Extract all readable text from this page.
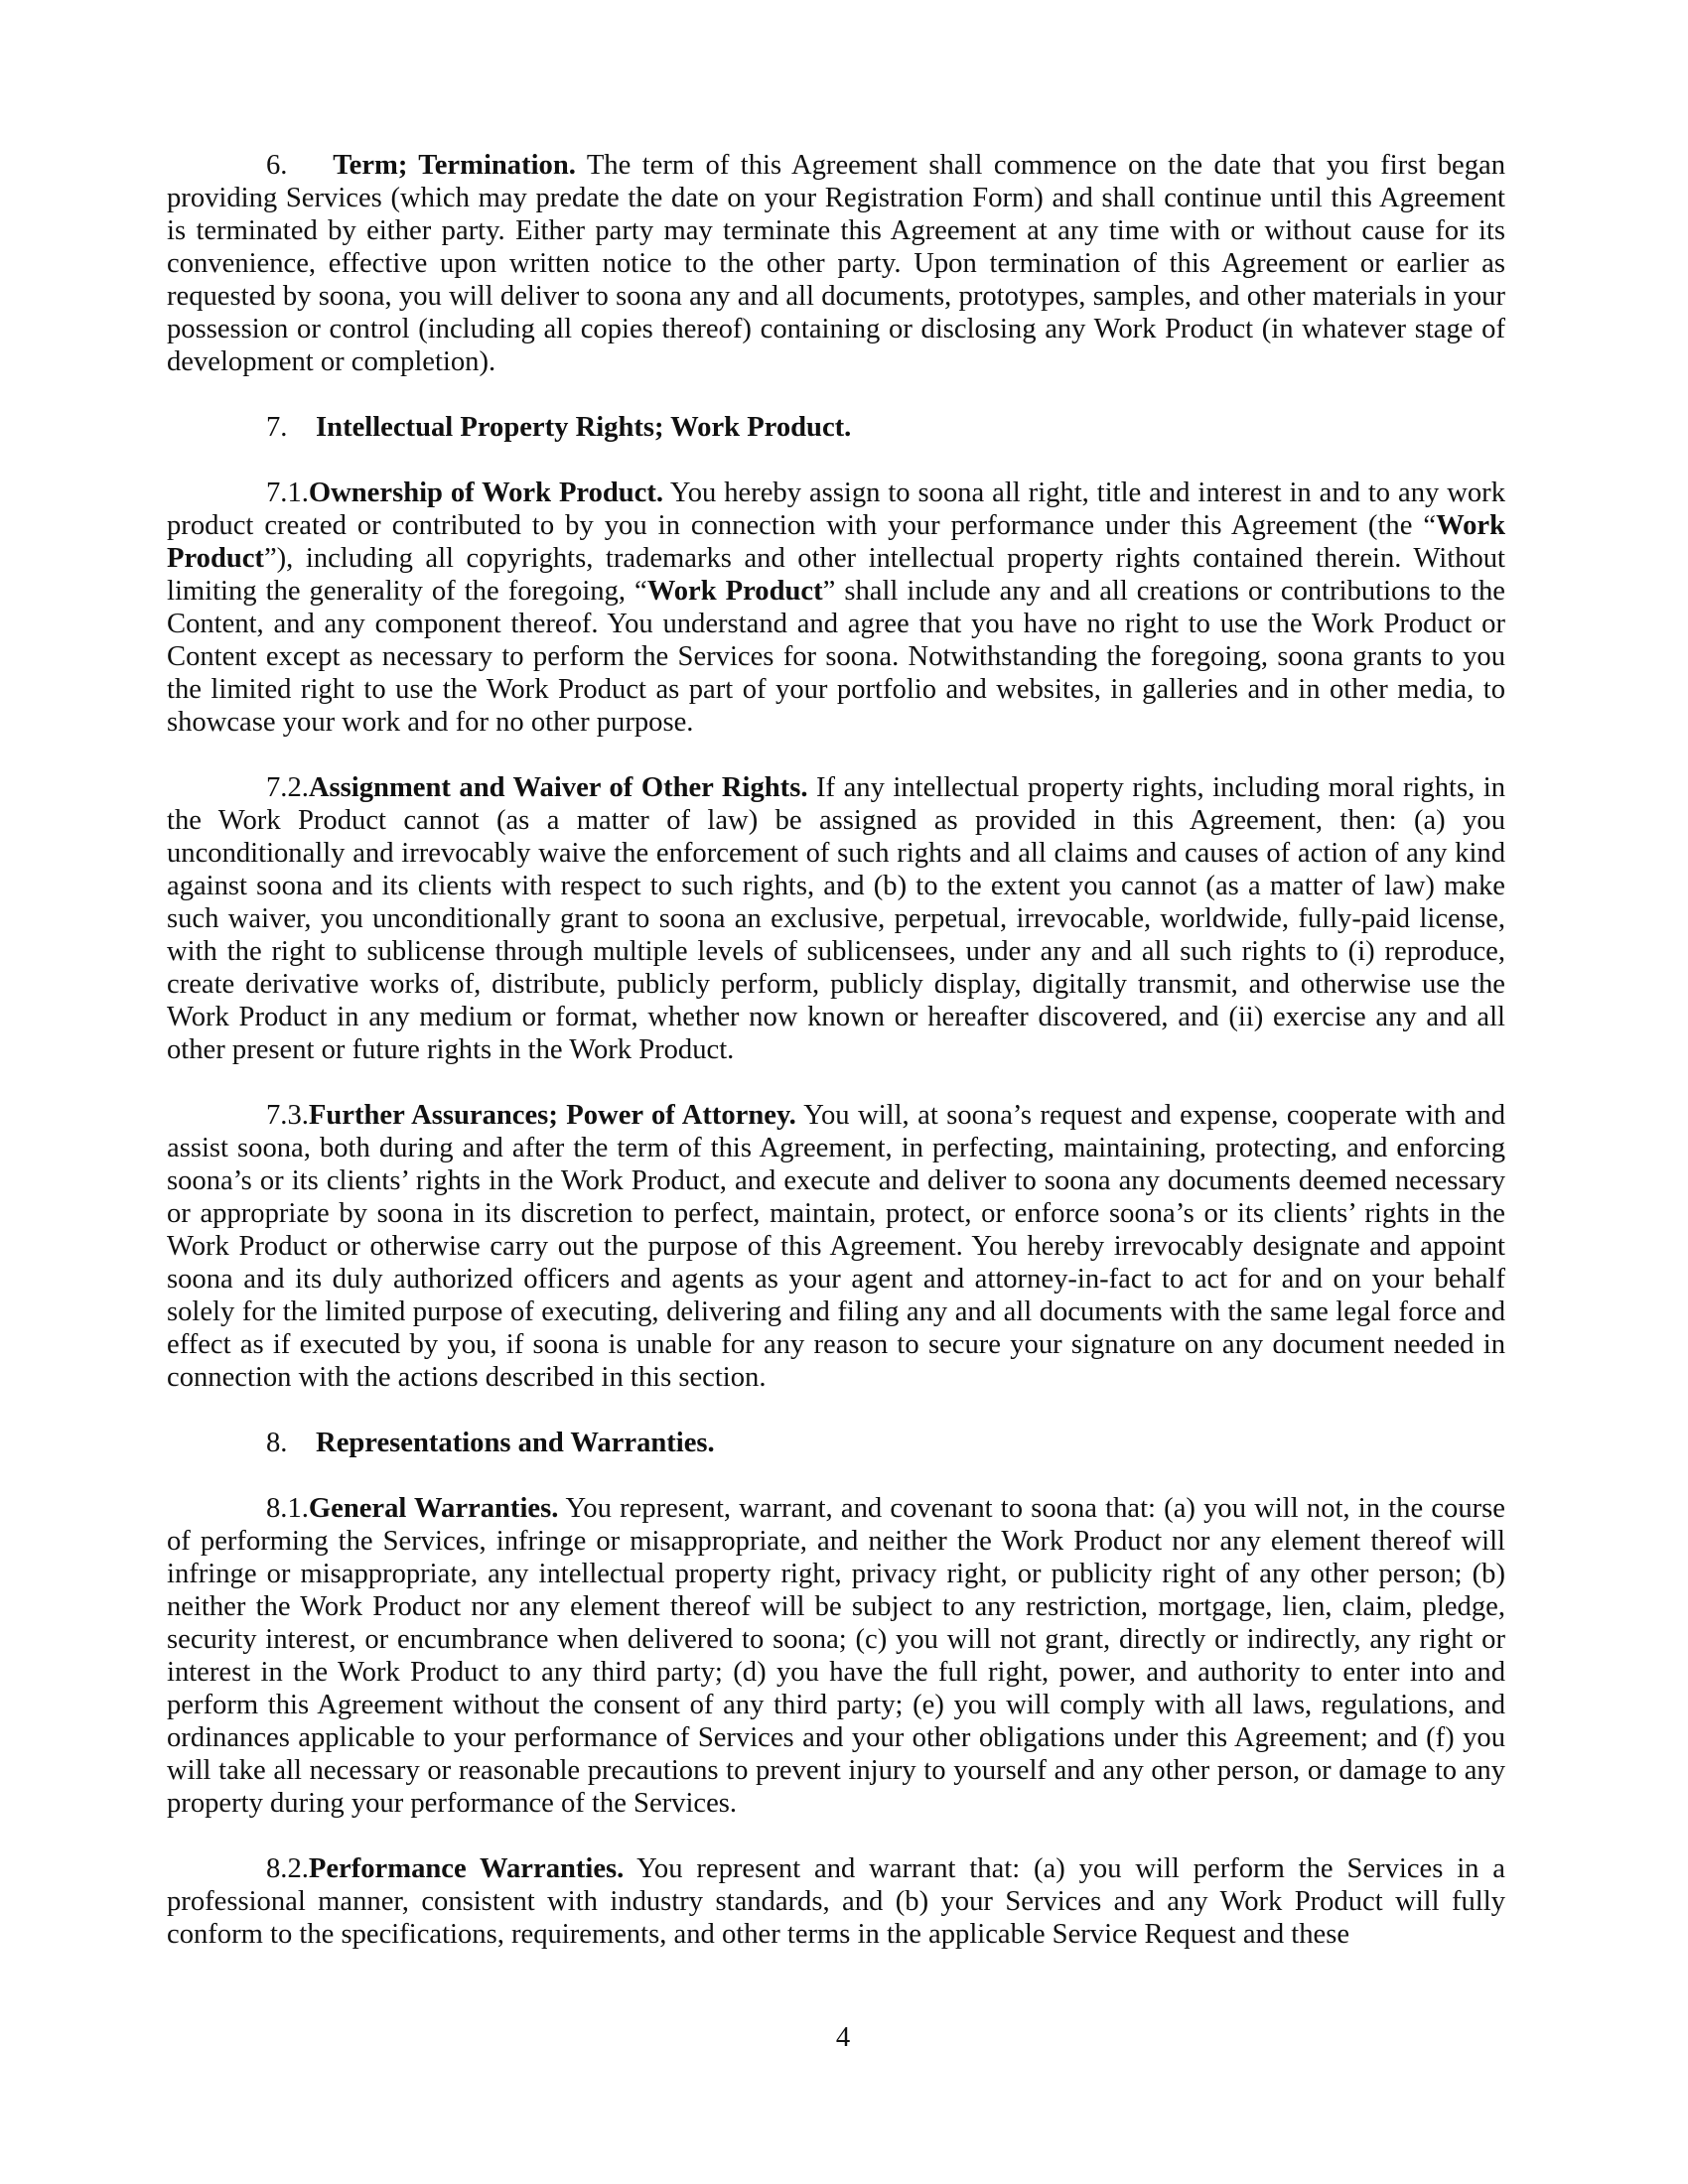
6. Term; Termination. The term of this Agreement shall commence on the date that you first began providing Services (which may predate the date on your Registration Form) and shall continue until this Agreement is terminated by either party. Either party may terminate this Agreement at any time with or without cause for its convenience, effective upon written notice to the other party. Upon termination of this Agreement or earlier as requested by soona, you will deliver to soona any and all documents, prototypes, samples, and other materials in your possession or control (including all copies thereof) containing or disclosing any Work Product (in whatever stage of development or completion).

7. Intellectual Property Rights; Work Product.

7.1.Ownership of Work Product. You hereby assign to soona all right, title and interest in and to any work product created or contributed to by you in connection with your performance under this Agreement (the “Work Product”), including all copyrights, trademarks and other intellectual property rights contained therein. Without limiting the generality of the foregoing, “Work Product” shall include any and all creations or contributions to the Content, and any component thereof. You understand and agree that you have no right to use the Work Product or Content except as necessary to perform the Services for soona. Notwithstanding the foregoing, soona grants to you the limited right to use the Work Product as part of your portfolio and websites, in galleries and in other media, to showcase your work and for no other purpose.

7.2.Assignment and Waiver of Other Rights. If any intellectual property rights, including moral rights, in the Work Product cannot (as a matter of law) be assigned as provided in this Agreement, then: (a) you unconditionally and irrevocably waive the enforcement of such rights and all claims and causes of action of any kind against soona and its clients with respect to such rights, and (b) to the extent you cannot (as a matter of law) make such waiver, you unconditionally grant to soona an exclusive, perpetual, irrevocable, worldwide, fully-paid license, with the right to sublicense through multiple levels of sublicensees, under any and all such rights to (i) reproduce, create derivative works of, distribute, publicly perform, publicly display, digitally transmit, and otherwise use the Work Product in any medium or format, whether now known or hereafter discovered, and (ii) exercise any and all other present or future rights in the Work Product.

7.3.Further Assurances; Power of Attorney. You will, at soona’s request and expense, cooperate with and assist soona, both during and after the term of this Agreement, in perfecting, maintaining, protecting, and enforcing soona’s or its clients’ rights in the Work Product, and execute and deliver to soona any documents deemed necessary or appropriate by soona in its discretion to perfect, maintain, protect, or enforce soona’s or its clients’ rights in the Work Product or otherwise carry out the purpose of this Agreement. You hereby irrevocably designate and appoint soona and its duly authorized officers and agents as your agent and attorney-in-fact to act for and on your behalf solely for the limited purpose of executing, delivering and filing any and all documents with the same legal force and effect as if executed by you, if soona is unable for any reason to secure your signature on any document needed in connection with the actions described in this section.

8. Representations and Warranties.

8.1.General Warranties. You represent, warrant, and covenant to soona that: (a) you will not, in the course of performing the Services, infringe or misappropriate, and neither the Work Product nor any element thereof will infringe or misappropriate, any intellectual property right, privacy right, or publicity right of any other person; (b) neither the Work Product nor any element thereof will be subject to any restriction, mortgage, lien, claim, pledge, security interest, or encumbrance when delivered to soona; (c) you will not grant, directly or indirectly, any right or interest in the Work Product to any third party; (d) you have the full right, power, and authority to enter into and perform this Agreement without the consent of any third party; (e) you will comply with all laws, regulations, and ordinances applicable to your performance of Services and your other obligations under this Agreement; and (f) you will take all necessary or reasonable precautions to prevent injury to yourself and any other person, or damage to any property during your performance of the Services.

8.2.Performance Warranties. You represent and warrant that: (a) you will perform the Services in a professional manner, consistent with industry standards, and (b) your Services and any Work Product will fully conform to the specifications, requirements, and other terms in the applicable Service Request and these

4
